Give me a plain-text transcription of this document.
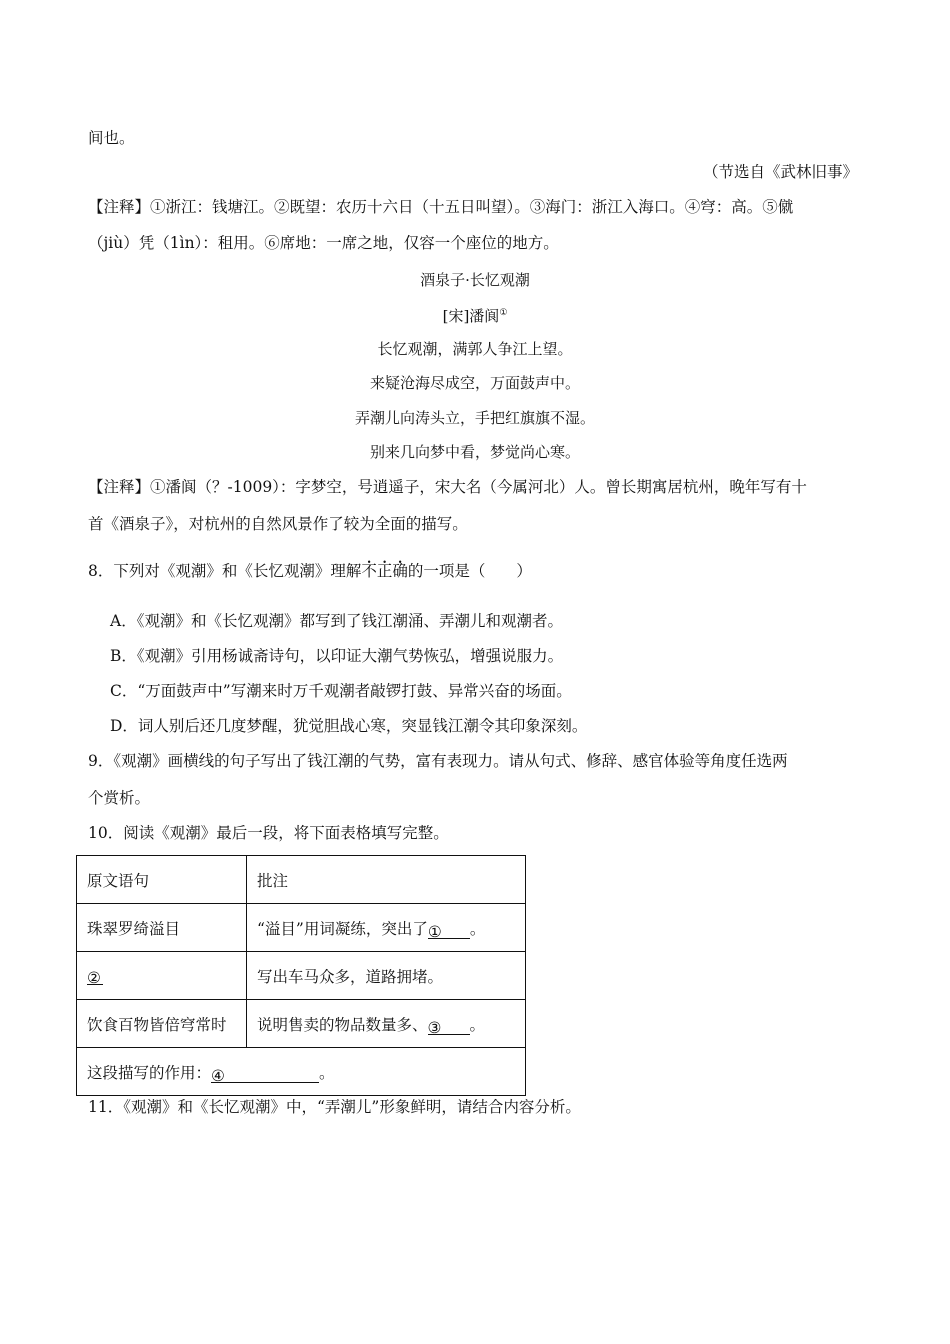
间也。
（节选自《武林旧事》
【注释】①浙江：钱塘江。②既望：农历十六日（十五日叫望）。③海门：浙江入海口。④穹：高。⑤僦
（jiù）凭（1ìn）：租用。⑥席地：一席之地，仅容一个座位的地方。
酒泉子·长忆观潮
[宋]潘阆①
长忆观潮，满郭人争江上望。
来疑沧海尽成空，万面鼓声中。
弄潮儿向涛头立，手把红旗旗不湿。
别来几向梦中看，梦觉尚心寒。
【注释】①潘阆（？-1009）：字梦空，号逍遥子，宋大名（今属河北）人。曾长期寓居杭州，晚年写有十
首《酒泉子》，对杭州的自然风景作了较为全面的描写。
8．下列对《观潮》和《长忆观潮》理解不正确的一项是（　　）
A．《观潮》和《长忆观潮》都写到了钱江潮涌、弄潮儿和观潮者。
B．《观潮》引用杨诚斋诗句，以印证大潮气势恢弘，增强说服力。
C．“万面鼓声中”写潮来时万千观潮者敲锣打鼓、异常兴奋的场面。
D．词人别后还几度梦醒，犹觉胆战心寒，突显钱江潮令其印象深刻。
9．《观潮》画横线的句子写出了钱江潮的气势，富有表现力。请从句式、修辞、感官体验等角度任选两
个赏析。
10．阅读《观潮》最后一段，将下面表格填写完整。
原文语句	批注
珠翠罗绮溢目	“溢目”用词凝练，突出了① 。
②	写出车马众多，道路拥堵。
饮食百物皆倍穹常时	说明售卖的物品数量多、③ 。
这段描写的作用：④ 。	
11．《观潮》和《长忆观潮》中，“弄潮儿”形象鲜明，请结合内容分析。
